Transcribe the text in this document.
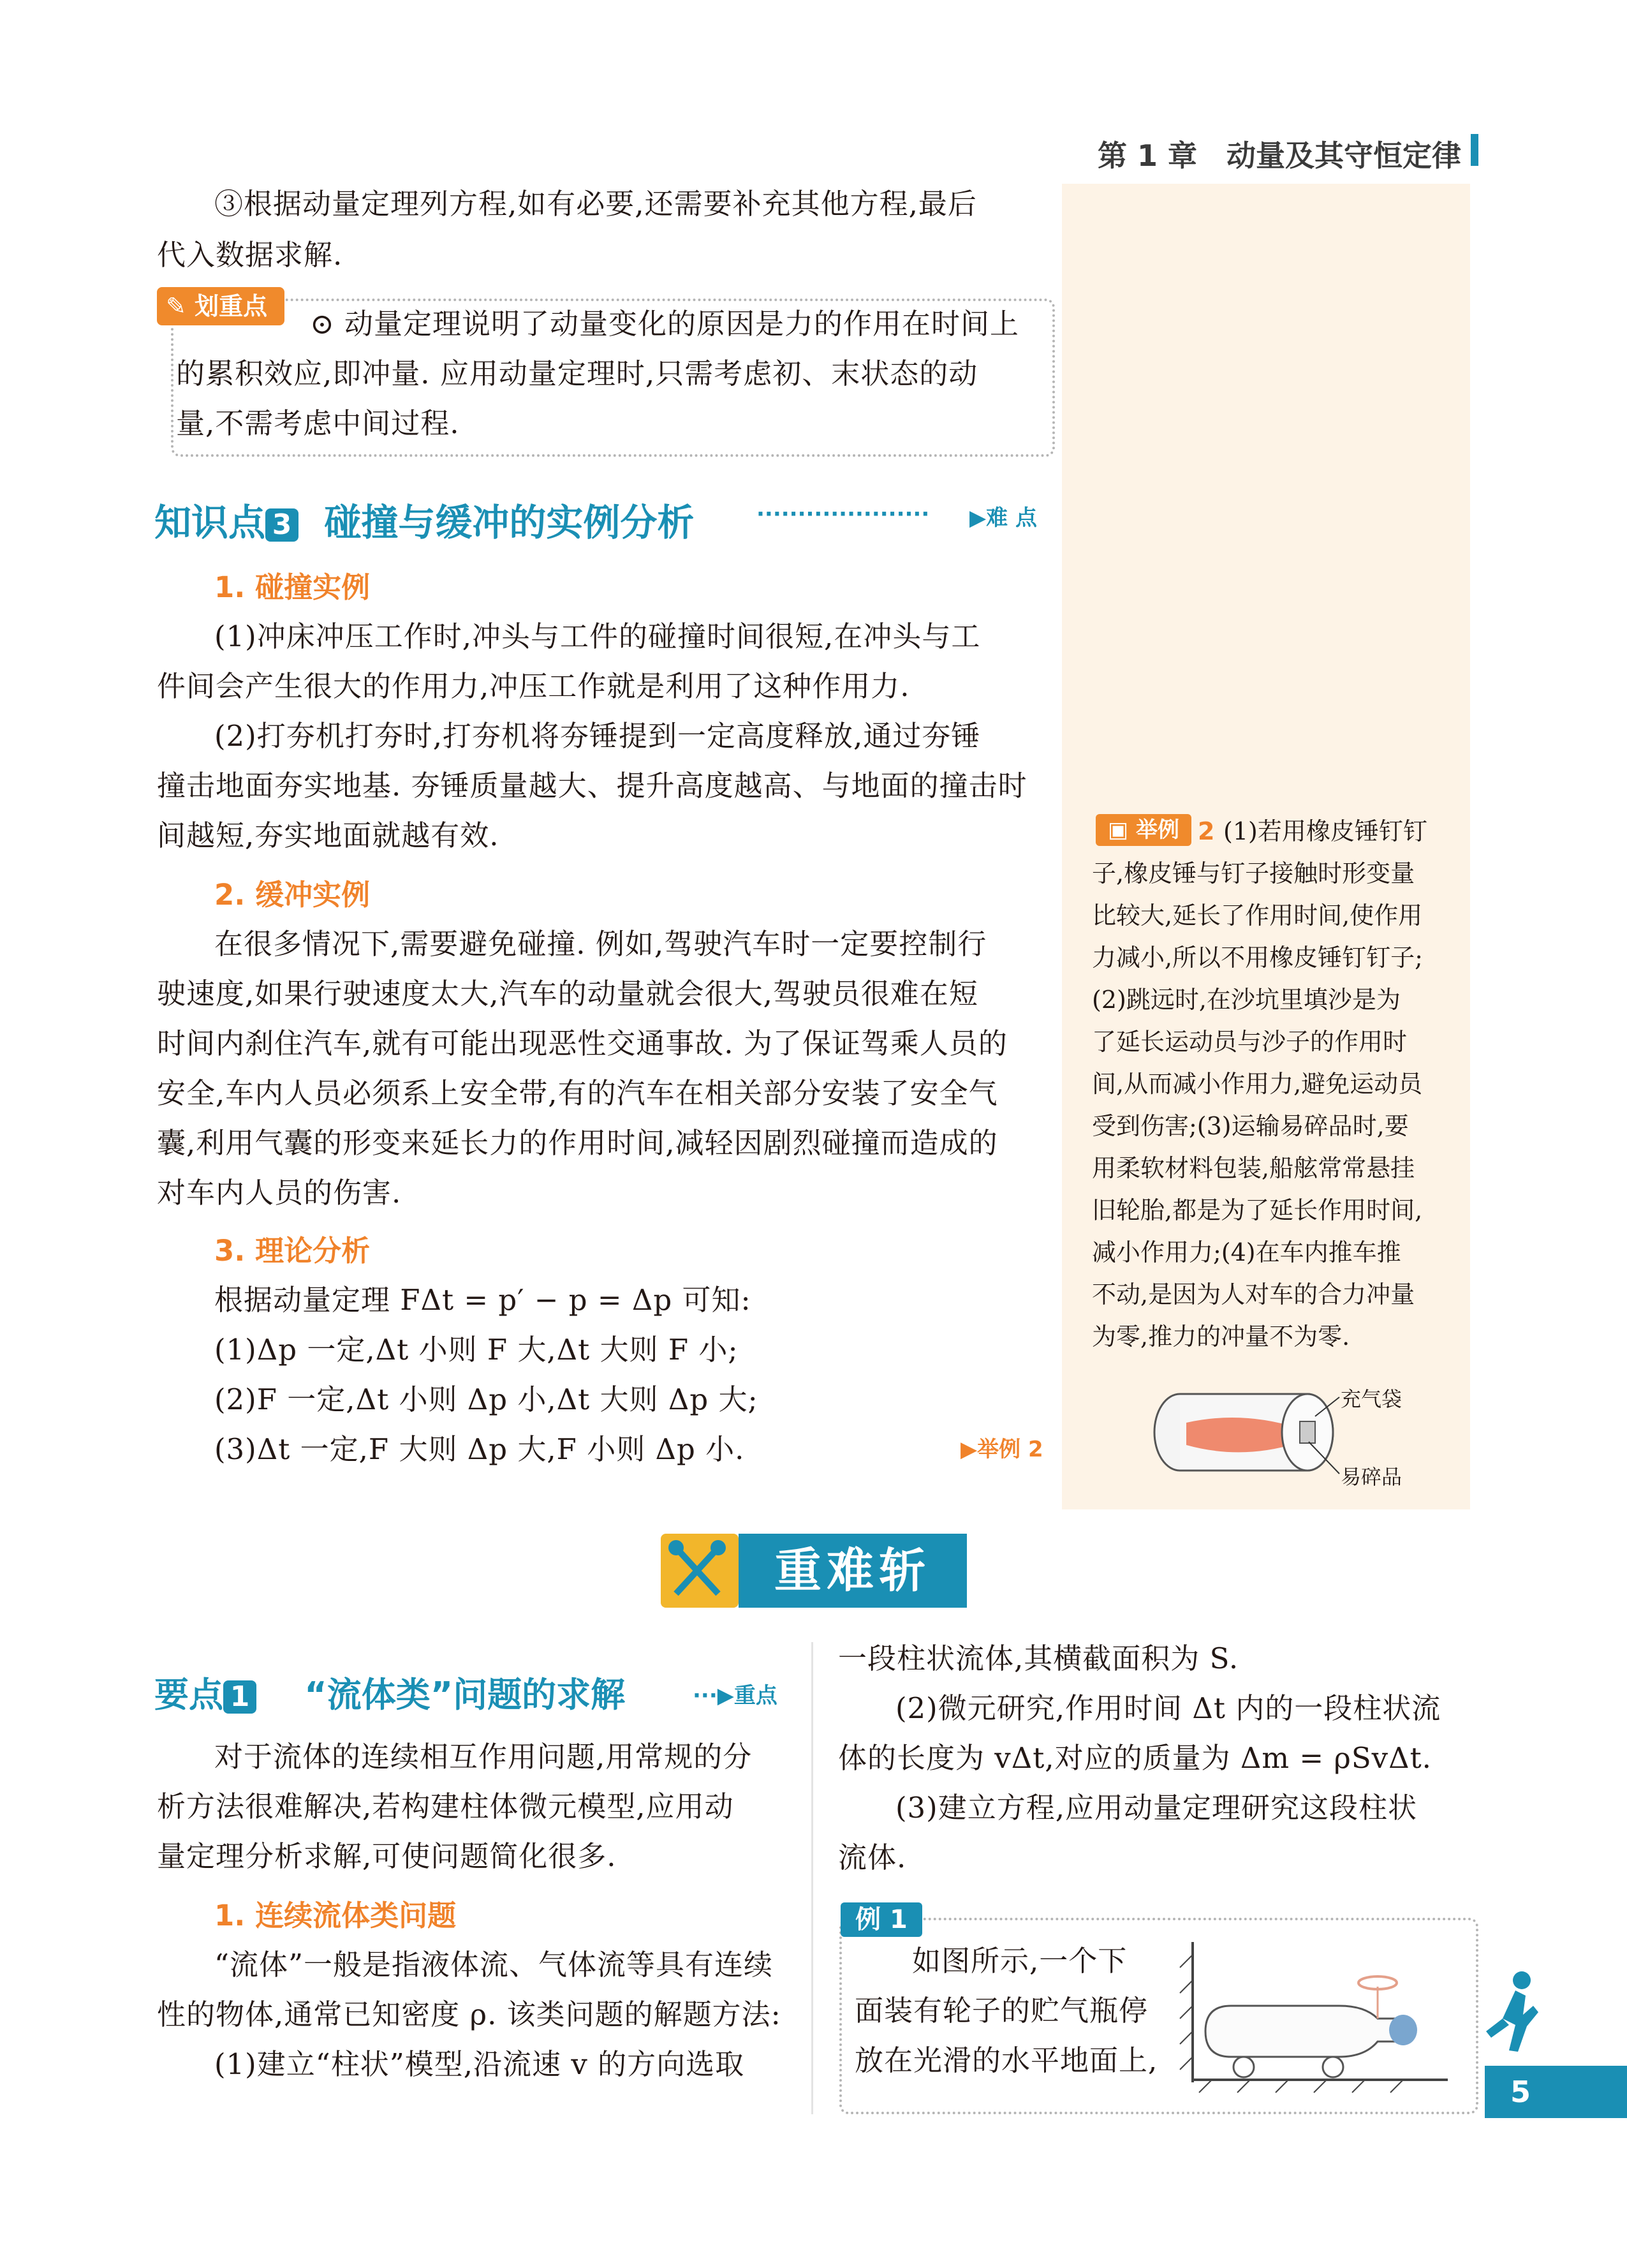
第 1 章　动量及其守恒定律
③根据动量定理列方程,如有必要,还需要补充其他方程,最后
代入数据求解.
✎ 划重点
⊙ 动量定理说明了动量变化的原因是力的作用在时间上
的累积效应,即冲量. 应用动量定理时,只需考虑初、末状态的动
量,不需考虑中间过程.
知识点 3 碰撞与缓冲的实例分析	····················· ▶难 点
1. 碰撞实例
(1)冲床冲压工作时,冲头与工件的碰撞时间很短,在冲头与工
件间会产生很大的作用力,冲压工作就是利用了这种作用力.
(2)打夯机打夯时,打夯机将夯锤提到一定高度释放,通过夯锤
撞击地面夯实地基. 夯锤质量越大、提升高度越高、与地面的撞击时
间越短,夯实地面就越有效.
2. 缓冲实例
在很多情况下,需要避免碰撞. 例如,驾驶汽车时一定要控制行
驶速度,如果行驶速度太大,汽车的动量就会很大,驾驶员很难在短
时间内刹住汽车,就有可能出现恶性交通事故. 为了保证驾乘人员的
安全,车内人员必须系上安全带,有的汽车在相关部分安装了安全气
囊,利用气囊的形变来延长力的作用时间,减轻因剧烈碰撞而造成的
对车内人员的伤害.
3. 理论分析
根据动量定理 FΔt = p′ − p = Δp 可知:
(1)Δp 一定,Δt 小则 F 大,Δt 大则 F 小;
(2)F 一定,Δt 小则 Δp 小,Δt 大则 Δp 大;
(3)Δt 一定,F 大则 Δp 大,F 小则 Δp 小.	▶举例 2
▣ 举例 2 (1)若用橡皮锤钉钉
子,橡皮锤与钉子接触时形变量
比较大,延长了作用时间,使作用
力减小,所以不用橡皮锤钉钉子;
(2)跳远时,在沙坑里填沙是为
了延长运动员与沙子的作用时
间,从而减小作用力,避免运动员
受到伤害;(3)运输易碎品时,要
用柔软材料包装,船舷常常悬挂
旧轮胎,都是为了延长作用时间,
减小作用力;(4)在车内推车推
不动,是因为人对车的合力冲量
为零,推力的冲量不为零.
充气袋
易碎品
重难斩
要点 1 “流体类”问题的求解	···▶重点
对于流体的连续相互作用问题,用常规的分
析方法很难解决,若构建柱体微元模型,应用动
量定理分析求解,可使问题简化很多.
1. 连续流体类问题
“流体”一般是指液体流、气体流等具有连续
性的物体,通常已知密度 ρ. 该类问题的解题方法:
(1)建立“柱状”模型,沿流速 v 的方向选取
一段柱状流体,其横截面积为 S.
(2)微元研究,作用时间 Δt 内的一段柱状流
体的长度为 vΔt,对应的质量为 Δm = ρSvΔt.
(3)建立方程,应用动量定理研究这段柱状
流体.
例 1
如图所示,一个下
面装有轮子的贮气瓶停
放在光滑的水平地面上,
5
